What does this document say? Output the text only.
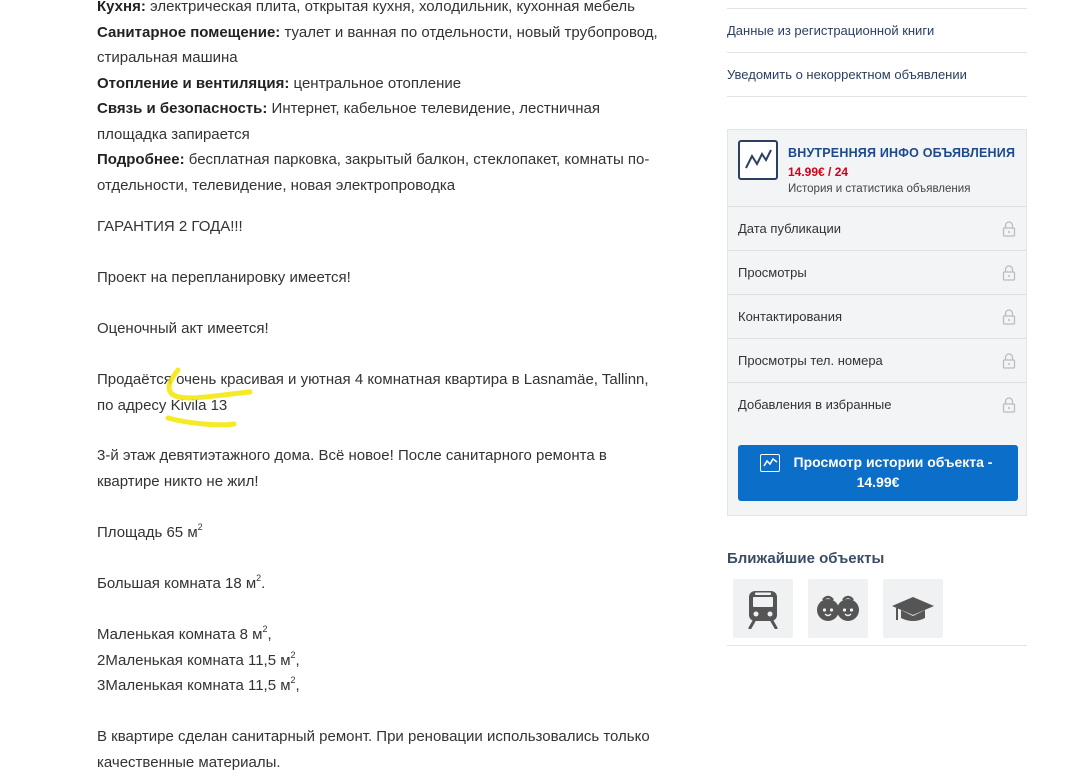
Кухня: электрическая плита, открытая кухня, холодильник, кухонная мебель
Санитарное помещение: туалет и ванная по отдельности, новый трубопровод,
стиральная машина
Отопление и вентиляция: центральное отопление
Связь и безопасность: Интернет, кабельное телевидение, лестничная
площадка запирается
Подробнее: бесплатная парковка, закрытый балкон, стеклопакет, комнаты по-
отдельности, телевидение, новая электропроводка
ГАРАНТИЯ 2 ГОДА!!!
Проект на перепланировку имеется!
Оценочный акт имеется!
Продаётся очень красивая и уютная 4 комнатная квартира в Lasnamäe, Tallinn,
по адресу Kivila 13
3-й этаж девятиэтажного дома. Всё новое! После санитарного ремонта в
квартире никто не жил!
Площадь 65 $м^2$
Большая комната 18 $м^2$.
Маленькая комната 8 $м^2$,
2Маленькая комната 11,5 $м^2$,
3Маленькая комната 11,5 $м^2$,
В квартире сделан санитарный ремонт. При реновации использовались только
качественные материалы.
Данные из регистрационной книги
Уведомить о некорректном объявлении
ВНУТРЕННЯЯ ИНФО ОБЪЯВЛЕНИЯ
14.99€ / 24
История и статистика объявления
Дата публикации
Просмотры
Контактирования
Просмотры тел. номера
Добавления в избранные
Просмотр истории объекта -
14.99€
Ближайшие объекты
